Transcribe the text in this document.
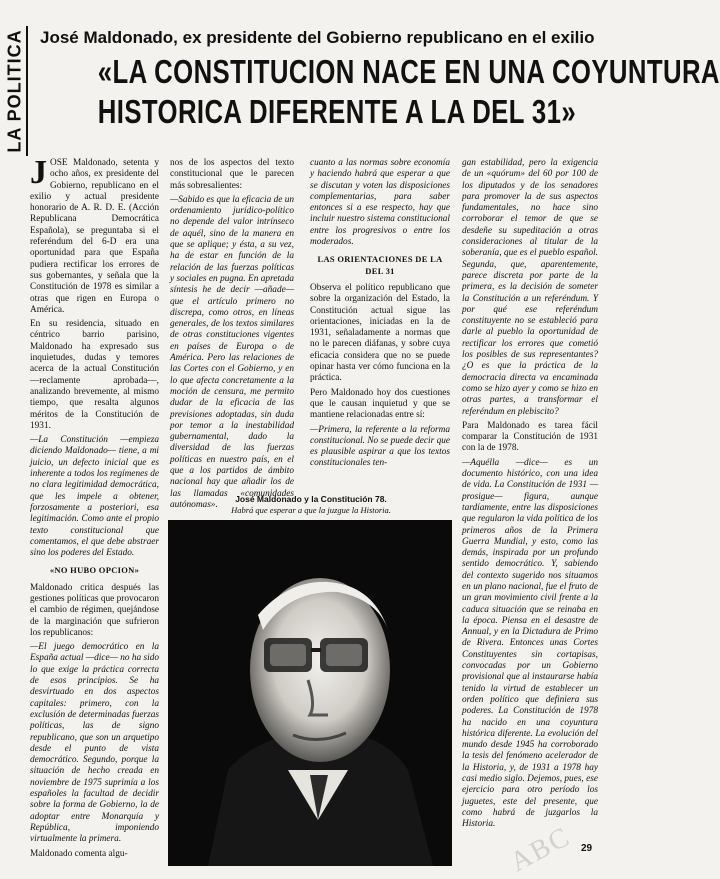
LA POLITICA José Maldonado, ex presidente del Gobierno republicano en el exilio
«LA CONSTITUCION NACE EN UNA COYUNTURA
HISTORICA DIFERENTE A LA DEL 31»
J OSE Maldonado, setenta y ocho años, ex presidente del Gobierno, republicano en el exilio y actual presidente honorario de A. R. D. E. (Acción Republicana Democrática Española), se preguntaba si el referéndum del 6-D era una oportunidad para que España pudiera rectificar los errores de sus gobernantes, y señala que la Constitución de 1978 es similar a otras que rigen en Europa o América.

En su residencia, situado en céntrico barrio parisino, Maldonado ha expresado sus inquietudes, dudas y temores acerca de la actual Constitución —reclamente aprobada—, analizando brevemente, al mismo tiempo, que resalta algunos méritos de la Constitución de 1931.

—La Constitución —empieza diciendo Maldonado— tiene, a mi juicio, un defecto inicial que es inherente a todos los regímenes de no clara legitimidad democrática, que les impele a obtener, forzosamente a posteriori, esa legitimación. Como ante el propio texto constitucional que comentamos, el que debe abstraer sino los poderes del Estado.

«NO HUBO OPCION»

Maldonado critica después las gestiones políticas que provocaron el cambio de régimen, quejándose de la marginación que sufrieron los republicanos:

—El juego democrático en la España actual —dice— no ha sido lo que exige la práctica correcta de esos principios. Se ha desvirtuado en dos aspectos capitales: primero, con la exclusión de determinadas fuerzas políticas, las de signo republicano, que son un arquetipo desde el punto de vista democrático. Segundo, porque la situación de hecho creada en noviembre de 1975 suprimía a los españoles la facultad de decidir sobre la forma de Gobierno, la de adoptar entre Monarquía y República, imponiendo virtualmente la primera.

Maldonado comenta algu-

nos de los aspectos del texto constitucional que le parecen más sobresalientes:

—Sabido es que la eficacia de un ordenamiento jurídico-político no depende del valor intrínseco de aquél, sino de la manera en que se aplique; y ésta, a su vez, ha de estar en función de la relación de las fuerzas políticas y sociales en pugna. En apretada síntesis he de decir —añade— que el artículo primero no discrepa, como otros, en líneas generales, de los textos similares de otras constituciones vigentes en países de Europa o de América. Pero las relaciones de las Cortes con el Gobierno, y en lo que afecta concretamente a la moción de censura, me permito dudar de la eficacia de las previsiones adoptadas, sin duda por temor a la inestabilidad gubernamental, dado la diversidad de las fuerzas políticas en nuestro país, en el que a los partidos de ámbito nacional hay que añadir los de las llamadas «comunidades autónomas».

cuanto a las normas sobre economía y haciendo habrá que esperar a que se discutan y voten las disposiciones complementarias, para saber entonces si a ese respecto, hay que incluir nuestro sistema constitucional entre los progresivos o entre los moderados.

LAS ORIENTACIONES DE LA DEL 31

Observa el político republicano que sobre la organización del Estado, la Constitución actual sigue las orientaciones, iniciadas en la de 1931, señaladamente a normas que no le parecen diáfanas, y sobre cuya eficacia considera que no se puede opinar hasta ver cómo funciona en la práctica.

Pero Maldonado hoy dos cuestiones que le causan inquietud y que se mantiene relacionadas entre sí:

—Primera, la referente a la reforma constitucional. No se puede decir que es plausible aspirar a que los textos constitucionales ten-

gan estabilidad, pero la exigencia de un «quórum» del 60 por 100 de los diputados y de los senadores para promover la de sus aspectos fundamentales, no hace sino corroborar el temor de que se desdeñe su supeditación a otras consideraciones al titular de la soberanía, que es el pueblo español. Segunda, que, aparentemente, parece discreta por parte de la primera, es la decisión de someter la Constitución a un referéndum. Y por qué ese referéndum constituyente no se estableció para darle al pueblo la oportunidad de rectificar los errores que cometió los posibles de sus representantes? ¿O es que la práctica de la democracia directa va encaminada como se hizo ayer y como se hizo en otras partes, a transformar el referéndum en plebiscito?

Para Maldonado es tarea fácil comparar la Constitución de 1931 con la de 1978.

—Aquélla —dice— es un documento histórico, con una idea de vida. La Constitución de 1931 —prosigue— figura, aunque tardíamente, entre las disposiciones que regularon la vida política de los primeros años de la Primera Guerra Mundial, y esto, como las demás, inspirada por un profundo sentido democrático. Y, sabiendo del contexto sugerido nos situamos en un plano nacional, fue el fruto de un gran movimiento civil frente a la caduca situación que se reinaba en la época. Piensa en el desastre de Annual, y en la Dictadura de Primo de Rivera. Entonces unas Cortes Constituyentes sin cortapisas, convocadas por un Gobierno provisional que al instaurarse había tenido la virtud de establecer un orden político que definiera sus poderes. La Constitución de 1978 ha nacido en una coyuntura histórica diferente. La evolución del mundo desde 1945 ha corroborado la tesis del fenómeno acelerador de la Historia, y, de 1931 a 1978 hay casi medio siglo. Dejemos, pues, ese ejercicio para otro período los juguetes, este del presente, que como habrá de juzgarlos la Historia.

José Maldonado y la Constitución 78.
Habrá que esperar a que la juzgue la Historia.
ABC 29
